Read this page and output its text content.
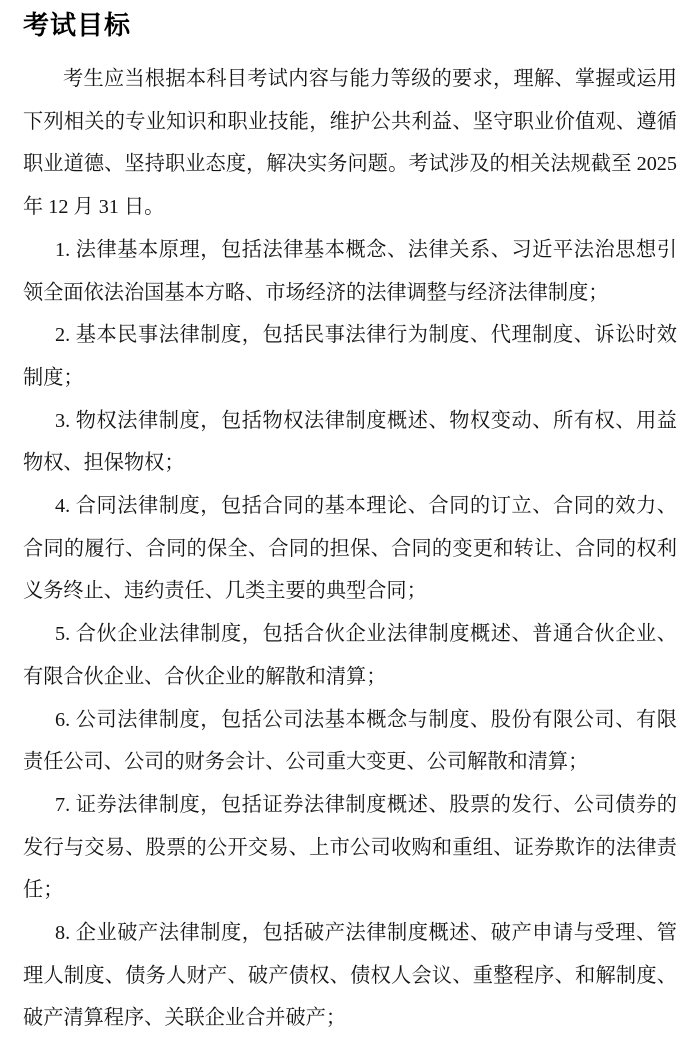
考试目标

考生应当根据本科目考试内容与能力等级的要求，理解、掌握或运用下列相关的专业知识和职业技能，维护公共利益、坚守职业价值观、遵循职业道德、坚持职业态度，解决实务问题。考试涉及的相关法规截至 2025 年 12 月 31 日。

1. 法律基本原理，包括法律基本概念、法律关系、习近平法治思想引领全面依法治国基本方略、市场经济的法律调整与经济法律制度；

2. 基本民事法律制度，包括民事法律行为制度、代理制度、诉讼时效制度；

3. 物权法律制度，包括物权法律制度概述、物权变动、所有权、用益物权、担保物权；

4. 合同法律制度，包括合同的基本理论、合同的订立、合同的效力、合同的履行、合同的保全、合同的担保、合同的变更和转让、合同的权利义务终止、违约责任、几类主要的典型合同；

5. 合伙企业法律制度，包括合伙企业法律制度概述、普通合伙企业、有限合伙企业、合伙企业的解散和清算；

6. 公司法律制度，包括公司法基本概念与制度、股份有限公司、有限责任公司、公司的财务会计、公司重大变更、公司解散和清算；

7. 证券法律制度，包括证券法律制度概述、股票的发行、公司债券的发行与交易、股票的公开交易、上市公司收购和重组、证券欺诈的法律责任；

8. 企业破产法律制度，包括破产法律制度概述、破产申请与受理、管理人制度、债务人财产、破产债权、债权人会议、重整程序、和解制度、破产清算程序、关联企业合并破产；
